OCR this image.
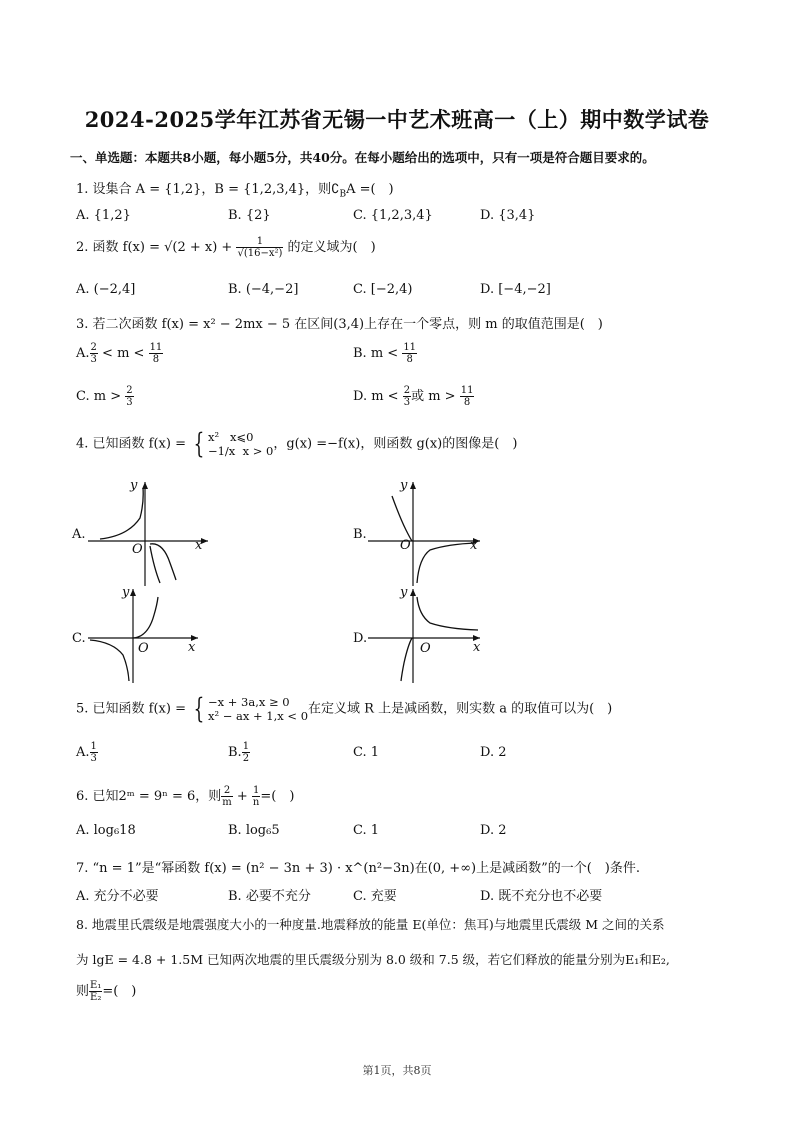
2024-2025学年江苏省无锡一中艺术班高一（上）期中数学试卷
一、单选题：本题共8小题，每小题5分，共40分。在每小题给出的选项中，只有一项是符合题目要求的。
1. 设集合 A = {1,2}，B = {1,2,3,4}，则$∁_BA$ =(　)
A. {1,2}	B. {2}	C. {1,2,3,4}	D. {3,4}
2. 函数 $f(x) = √(2 + x) + \frac{1}{\text{√(16−x²)}}$ 的定义域为(　)
A. (−2,4]	B. (−4,−2]	C. [−2,4)	D. [−4,−2]
3. 若二次函数 f(x) = x² − 2mx − 5 在区间(3,4)上存在一个零点，则 m 的取值范围是(　)
A. $\frac{2}{3} < m < \frac{11}{8}$	B. $m < \frac{11}{8}$
C. $m > \frac{2}{3}$	D. $m < \frac{2}{3}$ 或 $m > \frac{11}{8}$
4. 已知函数 f(x) = { x² x⩽0
−1/x x > 0，g(x) =−f(x)，则函数 g(x)的图像是(　)
A.
y
x
O
B.
y
x
O
C.
y
x
O
D.
y
x
O
5. 已知函数 f(x) = { −x + 3a,x ≥ 0
x² − ax + 1,x < 0在定义域 R 上是减函数，则实数 a 的取值可以为(　)
A. $\frac{1}{3}$	B. $\frac{1}{2}$	C. 1	D. 2
6. 已知2ᵐ = 9ⁿ = 6，则 $\frac{2}{m} + \frac{1}{n}$ =(　)
A. log₆18	B. log₆5	C. 1	D. 2
7. “n = 1”是“幂函数 f(x) = (n² − 3n + 3) · x^(n²−3n)在(0, +∞)上是减函数”的一个(　)条件.
A. 充分不必要	B. 必要不充分	C. 充要	D. 既不充分也不必要
8. 地震里氏震级是地震强度大小的一种度量.地震释放的能量 E(单位：焦耳)与地震里氏震级 M 之间的关系
为 lgE = 4.8 + 1.5M 已知两次地震的里氏震级分别为 8.0 级和 7.5 级，若它们释放的能量分别为E₁和E₂,
则 $\frac{\text{E₁}}{\text{E₂}}$ =(　)
第1页，共8页
